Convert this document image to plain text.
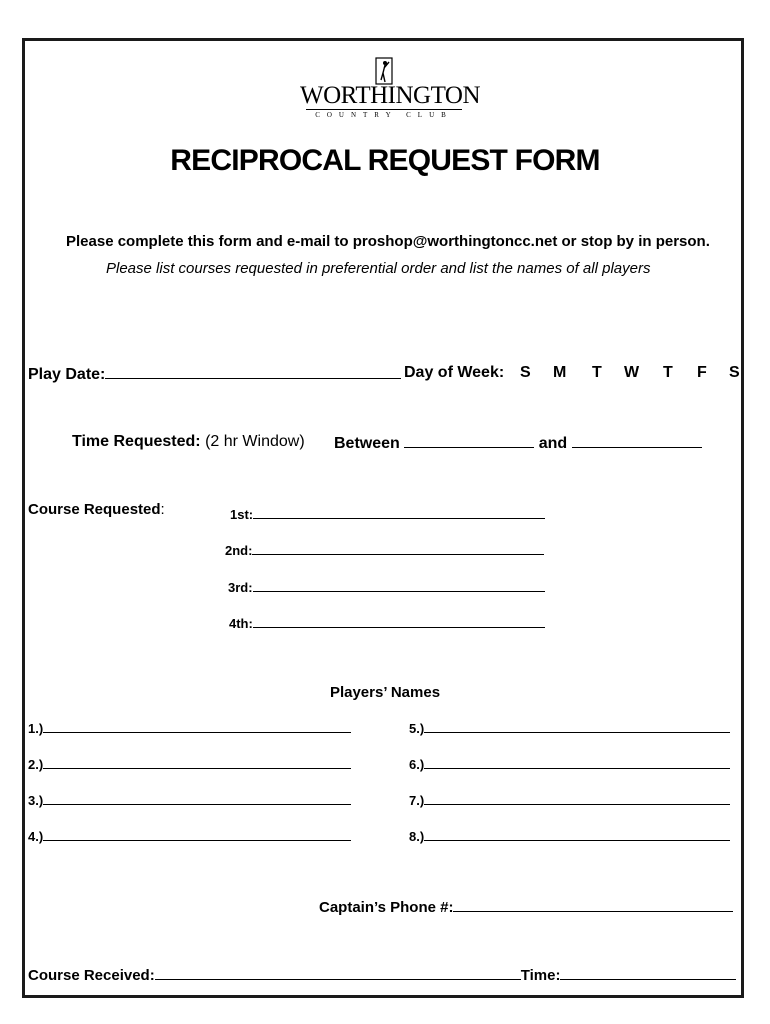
WORTHINGTON
COUNTRY CLUB
RECIPROCAL REQUEST FORM
Please complete this form and e-mail to proshop@worthingtoncc.net or stop by in person.
Please list courses requested in preferential order and list the names of all players
Play Date:	Day of Week: S M T W T F S
Time Requested: (2 hr Window) Between	and
Course Requested:	1st:
2nd:
3rd:
4th:
Players’ Names
1.)
2.)
3.)
4.)
5.)
6.)
7.)
8.)
Captain’s Phone #:
Course Received:	Time:
